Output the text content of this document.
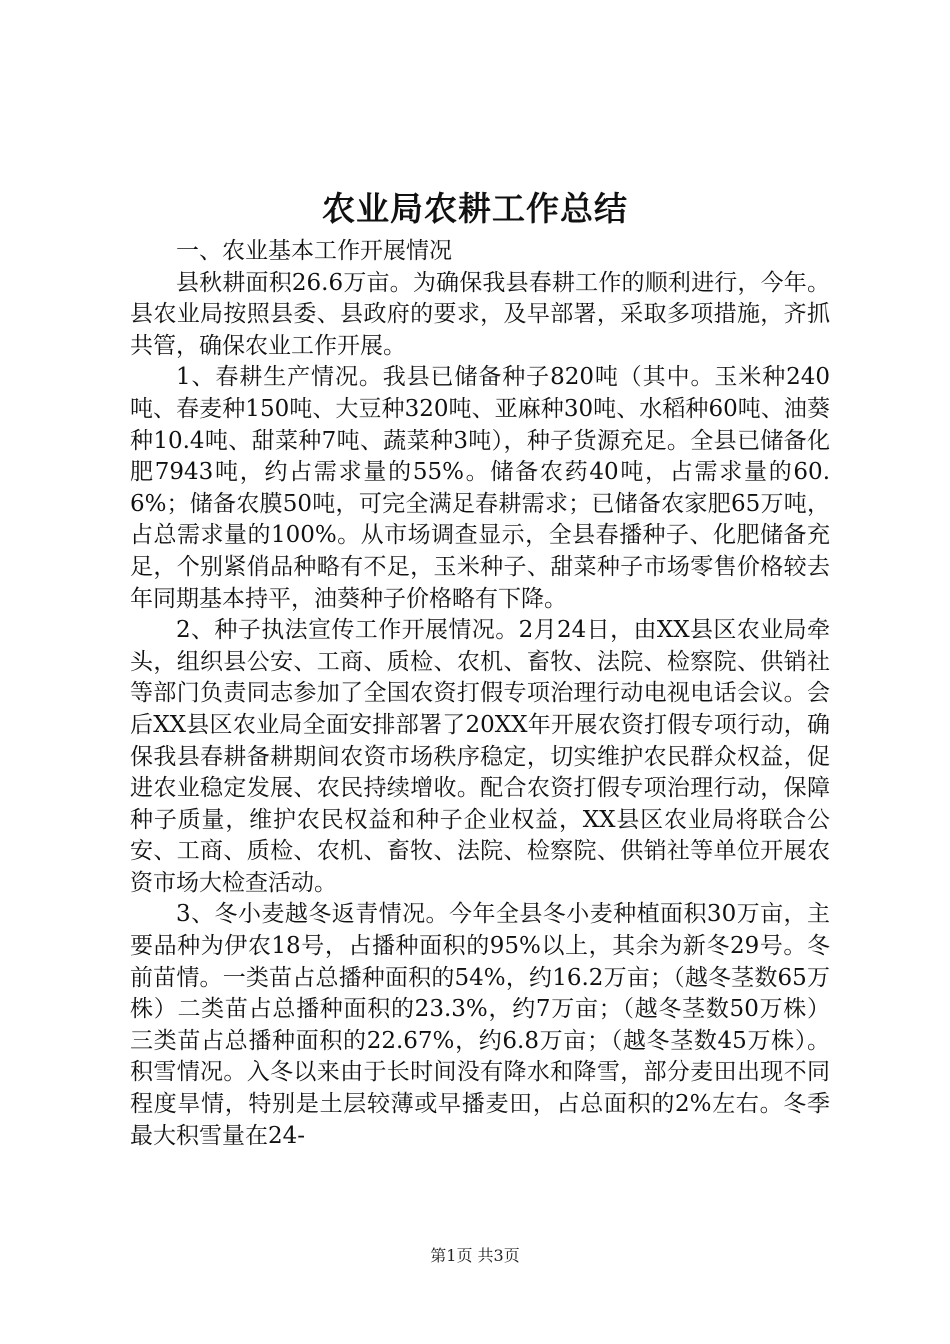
农业局农耕工作总结

一、农业基本工作开展情况

县秋耕面积26.6万亩。为确保我县春耕工作的顺利进行，今年。县农业局按照县委、县政府的要求，及早部署，采取多项措施，齐抓共管，确保农业工作开展。

1、春耕生产情况。我县已储备种子820吨（其中。玉米种240吨、春麦种150吨、大豆种320吨、亚麻种30吨、水稻种60吨、油葵种10.4吨、甜菜种7吨、蔬菜种3吨），种子货源充足。全县已储备化肥7943吨，约占需求量的55%。储备农药40吨，占需求量的60.6%；储备农膜50吨，可完全满足春耕需求；已储备农家肥65万吨，占总需求量的100%。从市场调查显示，全县春播种子、化肥储备充足，个别紧俏品种略有不足，玉米种子、甜菜种子市场零售价格较去年同期基本持平，油葵种子价格略有下降。

2、种子执法宣传工作开展情况。2月24日，由XX县区农业局牵头，组织县公安、工商、质检、农机、畜牧、法院、检察院、供销社等部门负责同志参加了全国农资打假专项治理行动电视电话会议。会后XX县区农业局全面安排部署了20XX年开展农资打假专项行动，确保我县春耕备耕期间农资市场秩序稳定，切实维护农民群众权益，促进农业稳定发展、农民持续增收。配合农资打假专项治理行动，保障种子质量，维护农民权益和种子企业权益，XX县区农业局将联合公安、工商、质检、农机、畜牧、法院、检察院、供销社等单位开展农资市场大检查活动。

3、冬小麦越冬返青情况。今年全县冬小麦种植面积30万亩，主要品种为伊农18号，占播种面积的95%以上，其余为新冬29号。冬前苗情。一类苗占总播种面积的54%，约16.2万亩；（越冬茎数65万株）二类苗占总播种面积的23.3%，约7万亩；（越冬茎数50万株）三类苗占总播种面积的22.67%，约6.8万亩；（越冬茎数45万株）。积雪情况。入冬以来由于长时间没有降水和降雪，部分麦田出现不同程度旱情，特别是土层较薄或早播麦田，占总面积的2%左右。冬季最大积雪量在24-

第1页 共3页
